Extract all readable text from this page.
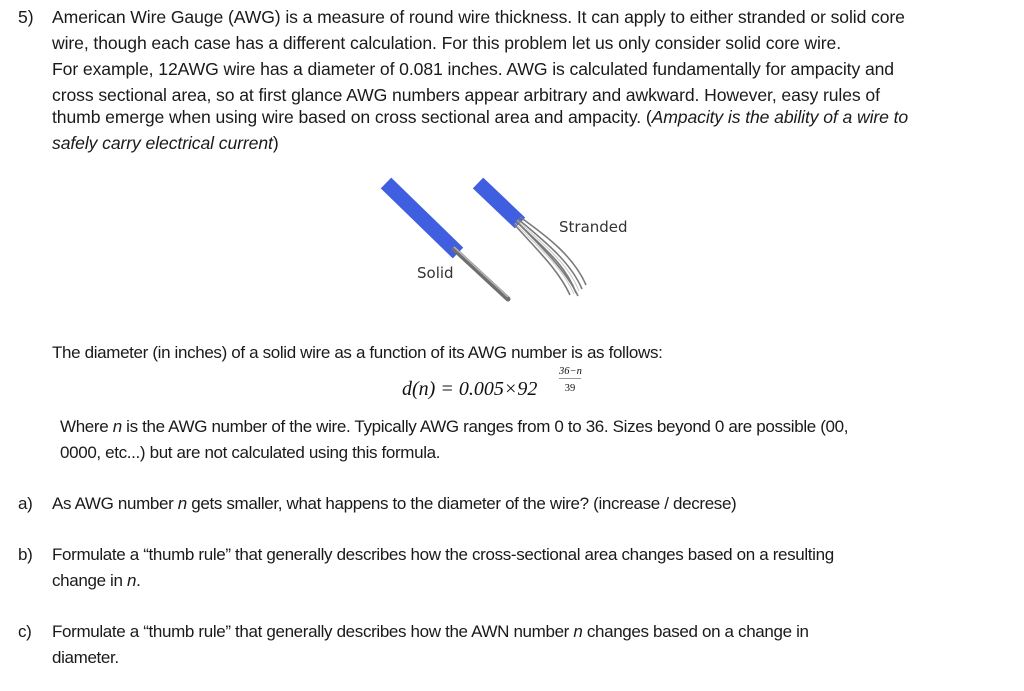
5) American Wire Gauge (AWG) is a measure of round wire thickness. It can apply to either stranded or solid core
wire, though each case has a different calculation. For this problem let us only consider solid core wire.
For example, 12AWG wire has a diameter of 0.081 inches. AWG is calculated fundamentally for ampacity and
cross sectional area, so at first glance AWG numbers appear arbitrary and awkward. However, easy rules of
thumb emerge when using wire based on cross sectional area and ampacity. (Ampacity is the ability of a wire to
safely carry electrical current)
Solid
Stranded
The diameter (in inches) of a solid wire as a function of its AWG number is as follows:
$d(n) = 0.005\times 92 \frac{36-n}{39}$
Where n is the AWG number of the wire. Typically AWG ranges from 0 to 36. Sizes beyond 0 are possible (00,
0000, etc...) but are not calculated using this formula.
a) As AWG number n gets smaller, what happens to the diameter of the wire? (increase / decrese)
b) Formulate a “thumb rule” that generally describes how the cross-sectional area changes based on a resulting
change in n.
c) Formulate a “thumb rule” that generally describes how the AWN number n changes based on a change in
diameter.
